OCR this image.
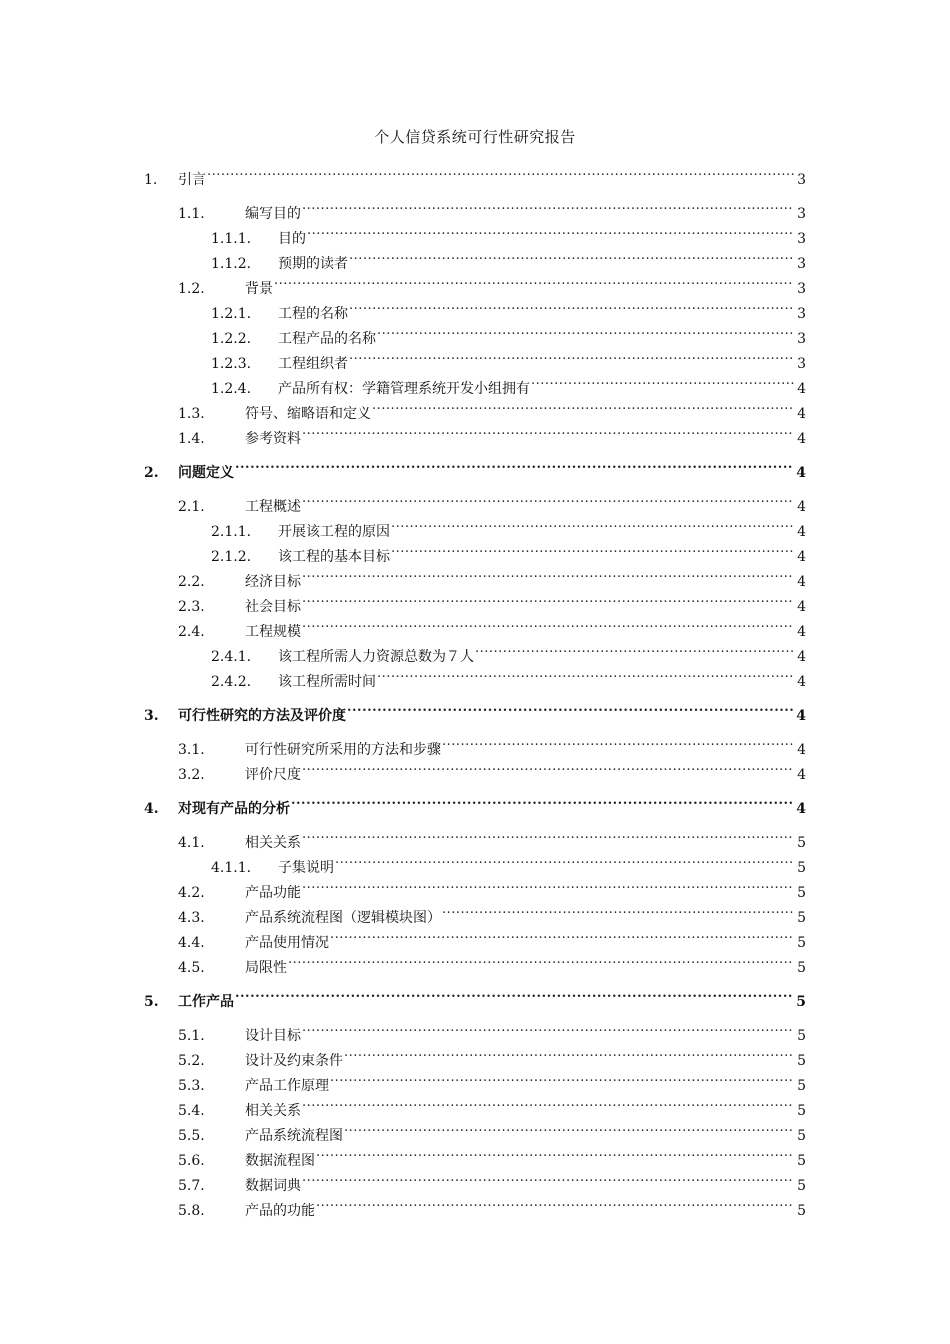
个人信贷系统可行性研究报告
1.	引言 .....	3
1.1.	编写目的 .....	3
1.1.1.	目的 .....	3
1.1.2.	预期的读者 .....	3
1.2.	背景 .....	3
1.2.1.	工程的名称 .....	3
1.2.2.	工程产品的名称 .....	3
1.2.3.	工程组织者 .....	3
1.2.4.	产品所有权：学籍管理系统开发小组拥有 .....	4
1.3.	符号、缩略语和定义 .....	4
1.4.	参考资料 .....	4
2.	问题定义 .....	4
2.1.	工程概述 .....	4
2.1.1.	开展该工程的原因 .....	4
2.1.2.	该工程的基本目标 .....	4
2.2.	经济目标 .....	4
2.3.	社会目标 .....	4
2.4.	工程规模 .....	4
2.4.1.	该工程所需人力资源总数为７人 .....	4
2.4.2.	该工程所需时间 .....	4
3.	可行性研究的方法及评价度 .....	4
3.1.	可行性研究所采用的方法和步骤 .....	4
3.2.	评价尺度 .....	4
4.	对现有产品的分析 .....	4
4.1.	相关关系 .....	5
4.1.1.	子集说明 .....	5
4.2.	产品功能 .....	5
4.3.	产品系统流程图（逻辑模块图） .....	5
4.4.	产品使用情况 .....	5
4.5.	局限性 .....	5
5.	工作产品 .....	5
5.1.	设计目标 .....	5
5.2.	设计及约束条件 .....	5
5.3.	产品工作原理 .....	5
5.4.	相关关系 .....	5
5.5.	产品系统流程图 .....	5
5.6.	数据流程图 .....	5
5.7.	数据词典 .....	5
5.8.	产品的功能 .....	5
